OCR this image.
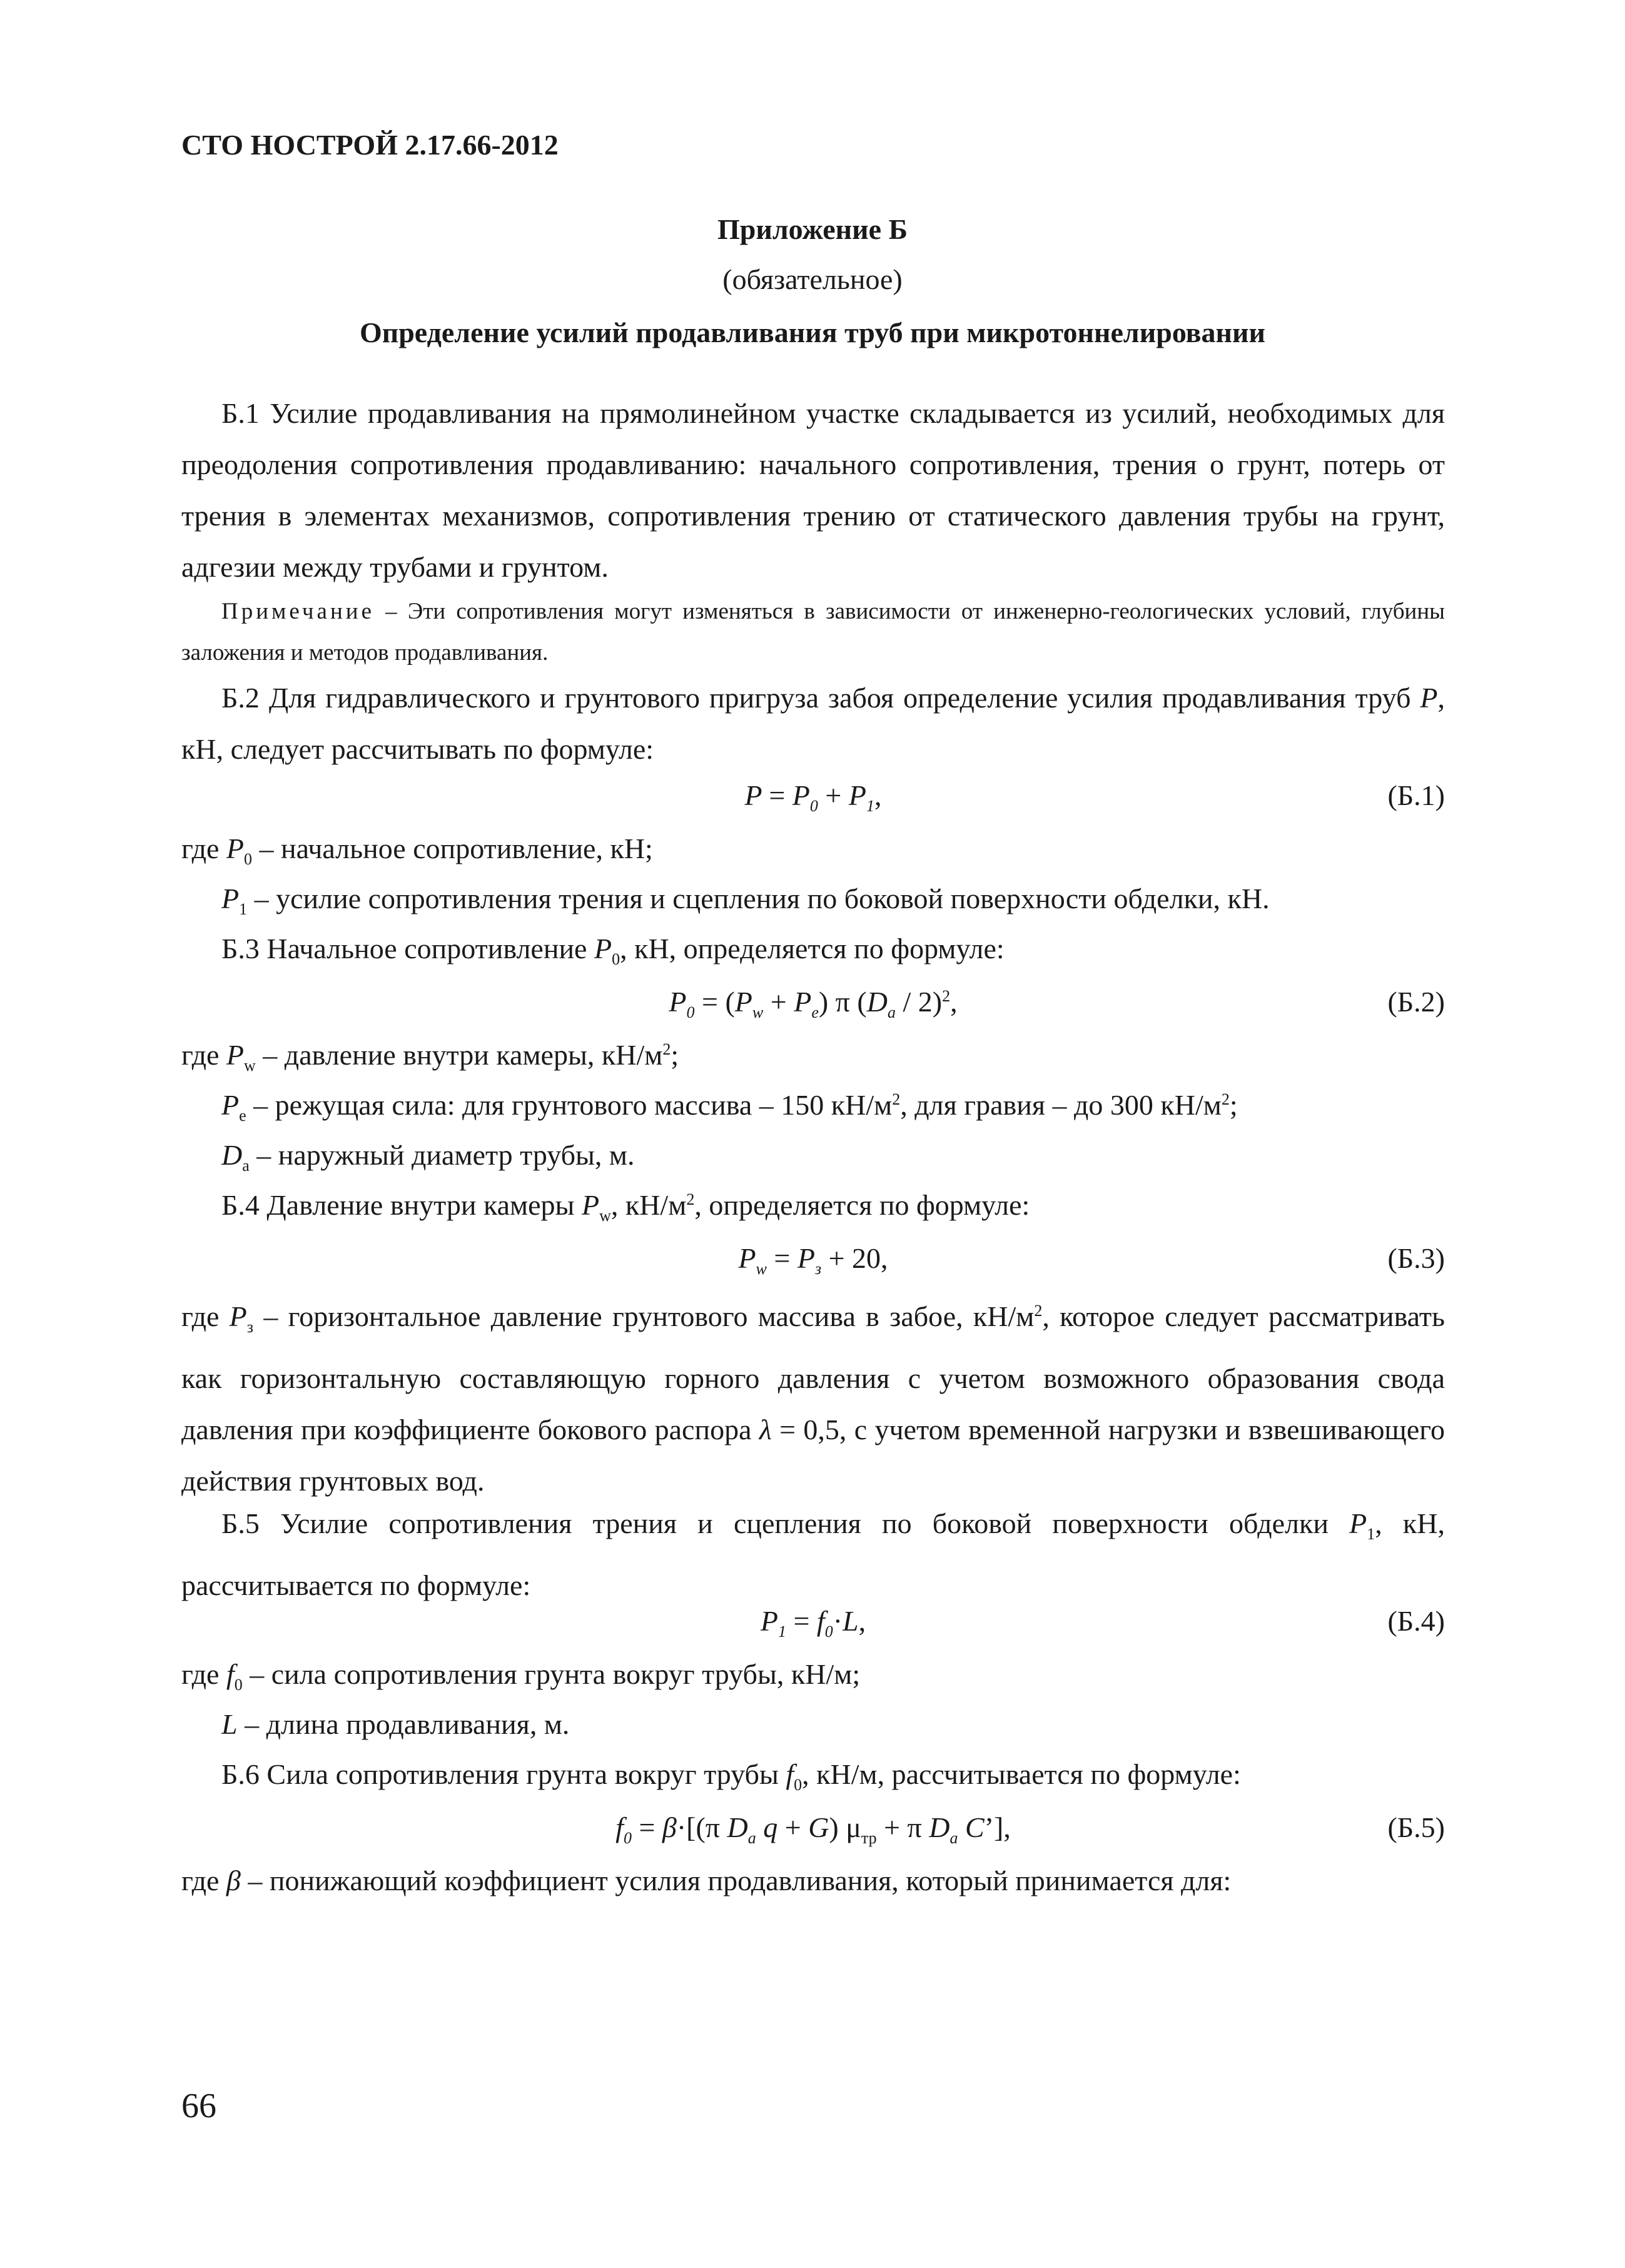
СТО НОСТРОЙ 2.17.66-2012
Приложение Б
(обязательное)
Определение усилий продавливания труб при микротоннелировании
Б.1 Усилие продавливания на прямолинейном участке складывается из усилий, необходимых для преодоления сопротивления продавливанию: начального сопротивления, трения о грунт, потерь от трения в элементах механизмов, сопротивления трению от статического давления трубы на грунт, адгезии между трубами и грунтом.
Примечание – Эти сопротивления могут изменяться в зависимости от инженерно-геологических условий, глубины заложения и методов продавливания.
Б.2 Для гидравлического и грунтового пригруза забоя определение усилия продавливания труб P, кН, следует рассчитывать по формуле:
$P = P_0 + P_1$,	(Б.1)
где $P_0$ – начальное сопротивление, кН;
$P_1$ – усилие сопротивления трения и сцепления по боковой поверхности обделки, кН.
Б.3 Начальное сопротивление $P_0$, кН, определяется по формуле:
$P_0 = (P_w + P_e)$ π $(D_a / 2)^2$,	(Б.2)
где $P_w$ – давление внутри камеры, $кН/м^2$;
$P_e$ – режущая сила: для грунтового массива – 150 $кН/м^2$, для гравия – до 300 $кН/м^2$;
$D_a$ – наружный диаметр трубы, м.
Б.4 Давление внутри камеры $P_w$, $кН/м^2$, определяется по формуле:
$P_w = P_з + 20$,	(Б.3)
где $P_з$ – горизонтальное давление грунтового массива в забое, $кН/м^2$, которое следует рассматривать как горизонтальную составляющую горного давления с учетом возможного образования свода давления при коэффициенте бокового распора λ = 0,5, с учетом временной нагрузки и взвешивающего действия грунтовых вод.
Б.5 Усилие сопротивления трения и сцепления по боковой поверхности обделки $P_1$, кН, рассчитывается по формуле:
$P_1 = f_0\cdot L$,	(Б.4)
где $f_0$ – сила сопротивления грунта вокруг трубы, кН/м;
L – длина продавливания, м.
Б.6 Сила сопротивления грунта вокруг трубы $f_0$, кН/м, рассчитывается по формуле:
$f_0 = \beta\cdot[(\pi$ $D_a$ q + G) $\mu_{тр} + \pi$ $D_a$ C’],	(Б.5)
где β – понижающий коэффициент усилия продавливания, который принимается для:
66
